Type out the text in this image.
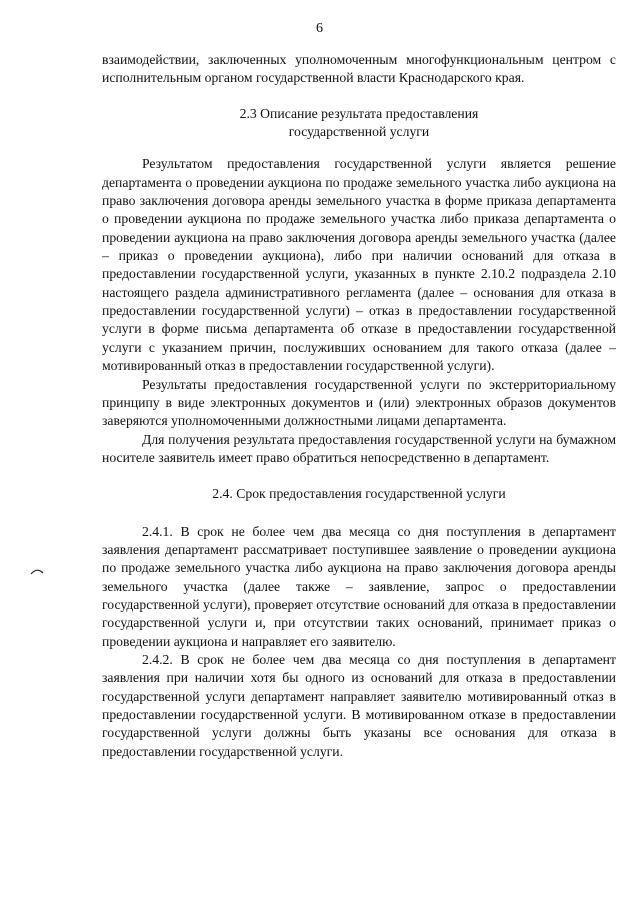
6

взаимодействии, заключенных уполномоченным многофункциональным центром с исполнительным органом государственной власти Краснодарского края.

2.3 Описание результата предоставления
государственной услуги

Результатом предоставления государственной услуги является решение департамента о проведении аукциона по продаже земельного участка либо аукциона на право заключения договора аренды земельного участка в форме приказа департамента о проведении аукциона по продаже земельного участка либо приказа департамента о проведении аукциона на право заключения договора аренды земельного участка (далее – приказ о проведении аукциона), либо при наличии оснований для отказа в предоставлении государственной услуги, указанных в пункте 2.10.2 подраздела 2.10 настоящего раздела административного регламента (далее – основания для отказа в предоставлении государственной услуги) – отказ в предоставлении государственной услуги в форме письма департамента об отказе в предоставлении государственной услуги с указанием причин, послуживших основанием для такого отказа (далее – мотивированный отказ в предоставлении государственной услуги).

Результаты предоставления государственной услуги по экстерриториальному принципу в виде электронных документов и (или) электронных образов документов заверяются уполномоченными должностными лицами департамента.

Для получения результата предоставления государственной услуги на бумажном носителе заявитель имеет право обратиться непосредственно в департамент.

2.4. Срок предоставления государственной услуги

2.4.1. В срок не более чем два месяца со дня поступления в департамент заявления департамент рассматривает поступившее заявление о проведении аукциона по продаже земельного участка либо аукциона на право заключения договора аренды земельного участка (далее также – заявление, запрос о предоставлении государственной услуги), проверяет отсутствие оснований для отказа в предоставлении государственной услуги и, при отсутствии таких оснований, принимает приказ о проведении аукциона и направляет его заявителю.

2.4.2. В срок не более чем два месяца со дня поступления в департамент заявления при наличии хотя бы одного из оснований для отказа в предоставлении государственной услуги департамент направляет заявителю мотивированный отказ в предоставлении государственной услуги. В мотивированном отказе в предоставлении государственной услуги должны быть указаны все основания для отказа в предоставлении государственной услуги.
